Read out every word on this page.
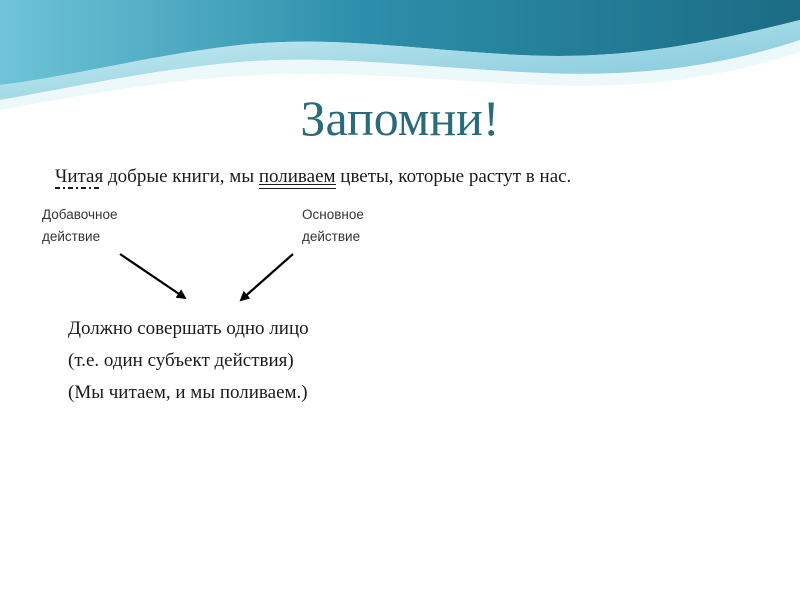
Запомни!
Читая добрые книги, мы поливаем цветы, которые растут в нас.
Добавочное
действие
Основное
действие
Должно совершать одно лицо
(т.е. один субъект действия)
(Мы читаем, и мы поливаем.)
